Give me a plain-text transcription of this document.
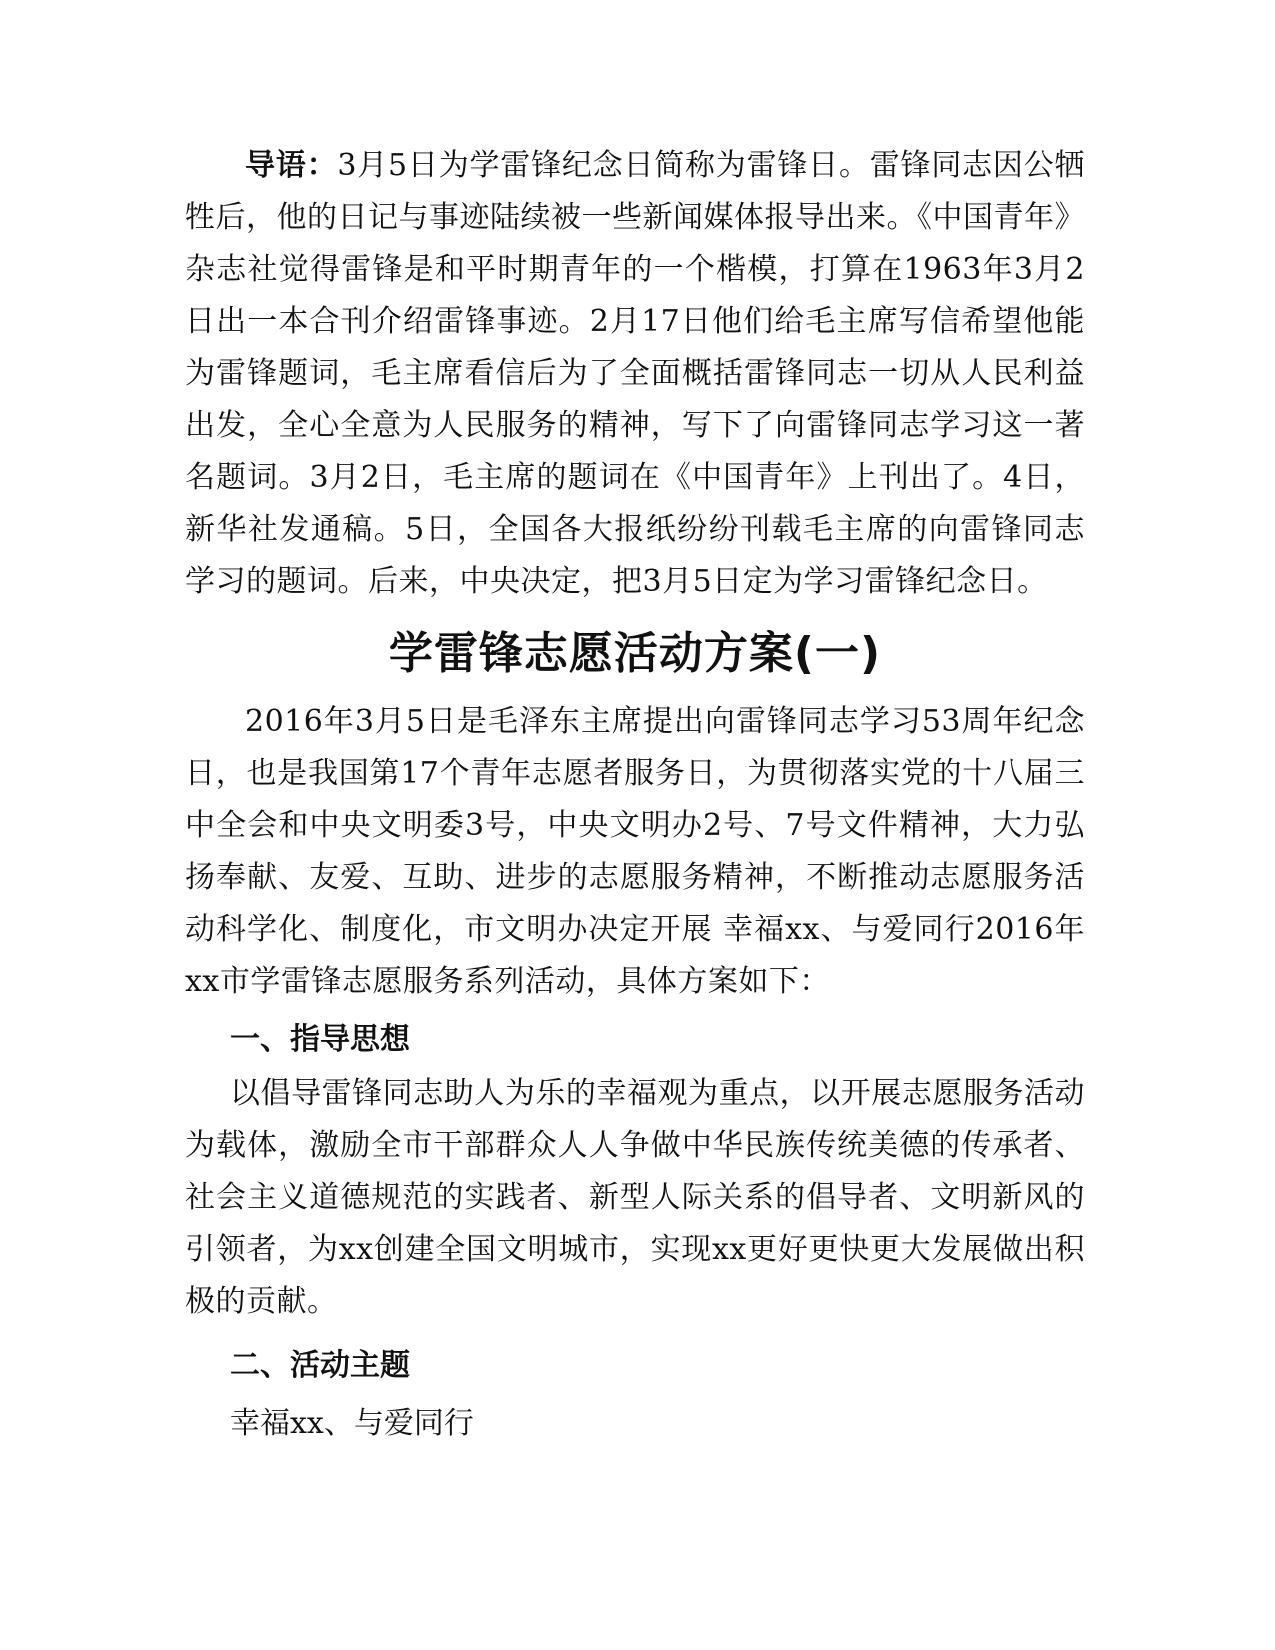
导语：3月5日为学雷锋纪念日简称为雷锋日。雷锋同志因公牺牲后，他的日记与事迹陆续被一些新闻媒体报导出来。《中国青年》杂志社觉得雷锋是和平时期青年的一个楷模，打算在1963年3月2日出一本合刊介绍雷锋事迹。2月17日他们给毛主席写信希望他能为雷锋题词，毛主席看信后为了全面概括雷锋同志一切从人民利益出发，全心全意为人民服务的精神，写下了向雷锋同志学习这一著名题词。3月2日，毛主席的题词在《中国青年》上刊出了。4日，新华社发通稿。5日，全国各大报纸纷纷刊载毛主席的向雷锋同志学习的题词。后来，中央决定，把3月5日定为学习雷锋纪念日。

学雷锋志愿活动方案(一)

2016年3月5日是毛泽东主席提出向雷锋同志学习53周年纪念日，也是我国第17个青年志愿者服务日，为贯彻落实党的十八届三中全会和中央文明委3号，中央文明办2号、7号文件精神，大力弘扬奉献、友爱、互助、进步的志愿服务精神，不断推动志愿服务活动科学化、制度化，市文明办决定开展 幸福xx、与爱同行2016年xx市学雷锋志愿服务系列活动，具体方案如下：

一、指导思想

以倡导雷锋同志助人为乐的幸福观为重点，以开展志愿服务活动为载体，激励全市干部群众人人争做中华民族传统美德的传承者、社会主义道德规范的实践者、新型人际关系的倡导者、文明新风的引领者，为xx创建全国文明城市，实现xx更好更快更大发展做出积极的贡献。

二、活动主题

幸福xx、与爱同行
